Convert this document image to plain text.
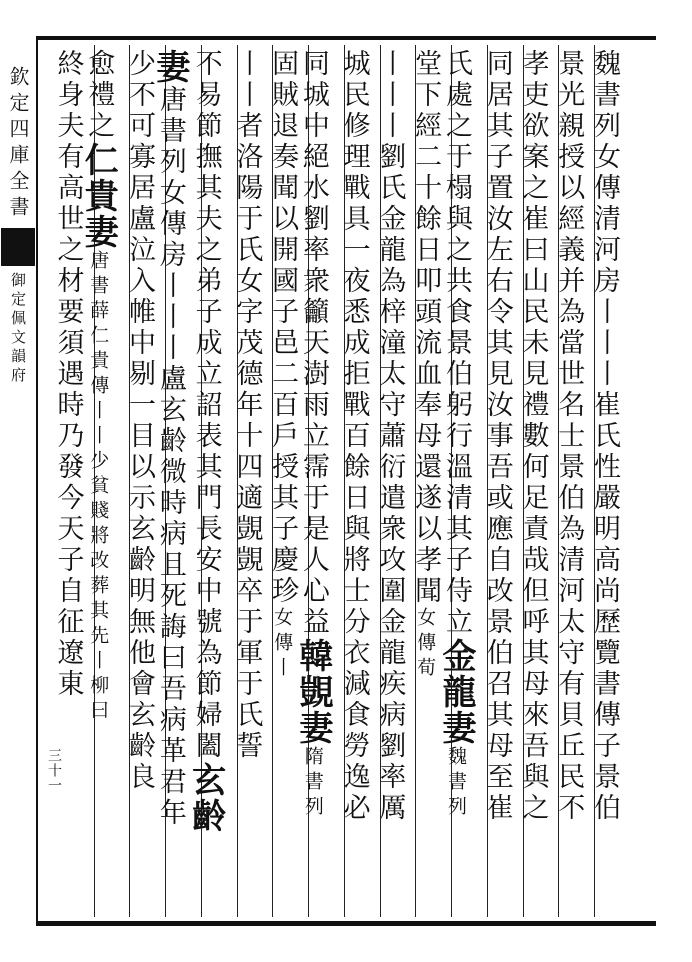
欽定四庫全書
御定佩文韻府
三十一	魏書列女傳清河房丨丨丨崔氏性嚴明高尚歷覽書傳子景伯
景光親授以經義并為當世名士景伯為清河太守有貝丘民不
孝吏欲案之崔曰山民未見禮數何足責哉但呼其母來吾與之
同居其子置汝左右令其見汝事吾或應自改景伯召其母至崔
氏處之于榻與之共食景伯躬行溫清其子侍立金龍妻魏書列
堂下經二十餘日叩頭流血奉母還遂以孝聞女傳荀
丨丨丨劉氏金龍為梓潼太守蕭衍遣衆攻圍金龍疾病劉率厲
城民修理戰具一夜悉成拒戰百餘日與將士分衣減食勞逸必
同城中絕水劉率衆籲天澍雨立霈于是人心益韓覬妻隋書列
固賊退奏聞以開國子邑二百戶授其子慶珍女傳丨
丨丨者洛陽于氏女字茂德年十四適覬覬卒于軍于氏誓
不易節撫其夫之弟子成立詔表其門長安中號為節婦闔玄齡
妻唐書列女傳房丨丨丨盧玄齡微時病且死誨曰吾病革君年
少不可寡居盧泣入帷中剔一目以示玄齡明無他會玄齡良
愈禮之仁貴妻唐書薛仁貴傳丨丨少貧賤將改葬其先丨柳曰
終身夫有高世之材要須遇時乃發今天子自征遼東
